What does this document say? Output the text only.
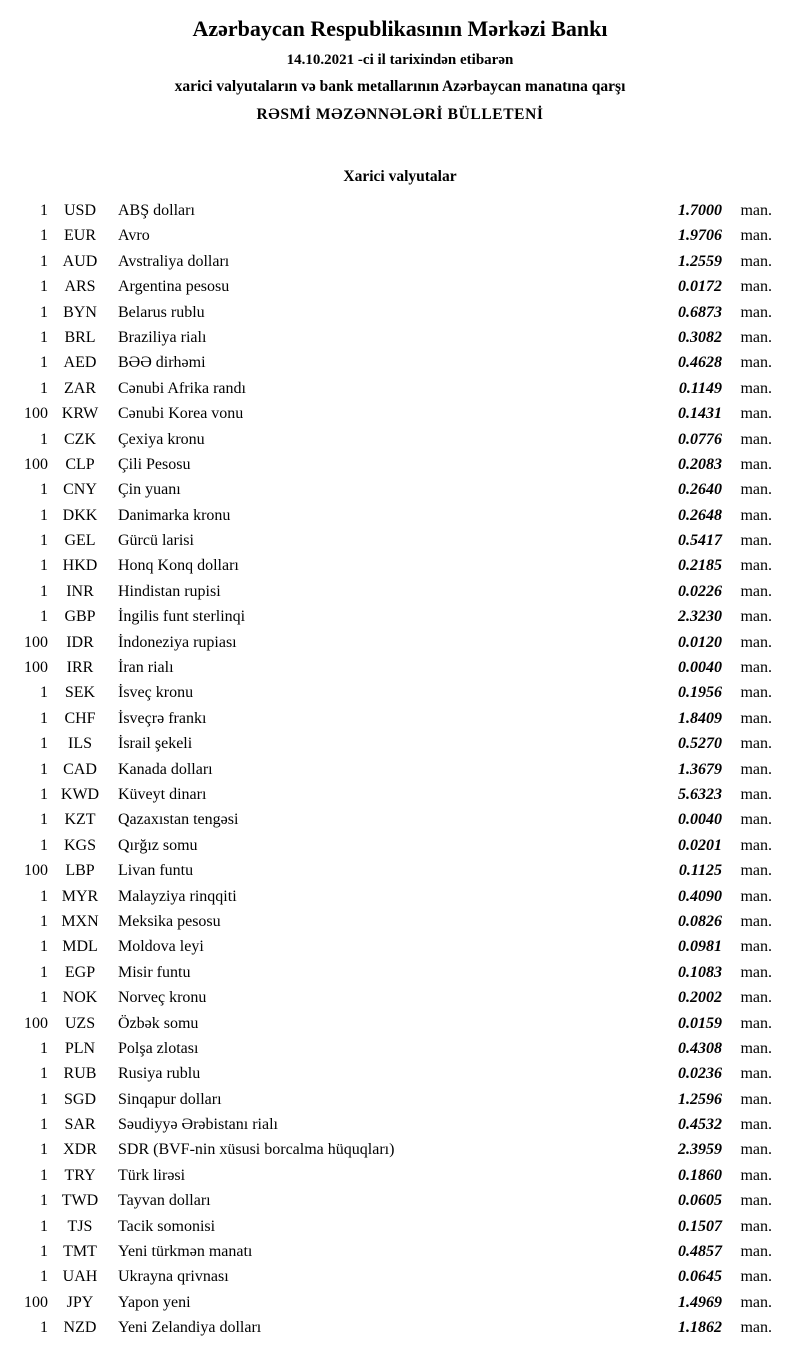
Azərbaycan Respublikasının Mərkəzi Bankı
14.10.2021 -ci il tarixindən etibarən
xarici valyutaların və bank metallarının Azərbaycan manatına qarşı
RƏSMİ MƏZƏNNƏLƏRİ BÜLLETENİ
Xarici valyutalar
1 USD	ABŞ dolları	1.7000	man.
1	EUR	Avro	1.9706	man.
1 AUD	Avstraliya dolları	1.2559	man.
1	ARS	Argentina pesosu	0.0172	man.
1 BYN	Belarus rublu	0.6873	man.
1	BRL	Braziliya rialı	0.3082	man.
1 AED	BƏƏ dirhəmi	0.4628	man.
1	ZAR	Cənubi Afrika randı	0.1149	man.
100 KRW	Cənubi Korea vonu	0.1431	man.
1	CZK	Çexiya kronu	0.0776	man.
100	CLP	Çili Pesosu	0.2083	man.
1 CNY	Çin yuanı	0.2640	man.
1 DKK	Danimarka kronu	0.2648	man.
1	GEL	Gürcü larisi	0.5417	man.
1 HKD	Honq Konq dolları	0.2185	man.
1	INR	Hindistan rupisi	0.0226	man.
1	GBP	İngilis funt sterlinqi	2.3230	man.
100	IDR	İndoneziya rupiası	0.0120	man.
100	IRR	İran rialı	0.0040	man.
1	SEK	İsveç kronu	0.1956	man.
1	CHF	İsveçrə frankı	1.8409	man.
1	ILS	İsrail şekeli	0.5270	man.
1 CAD	Kanada dolları	1.3679	man.
1 KWD	Küveyt dinarı	5.6323	man.
1	KZT	Qazaxıstan tengəsi	0.0040	man.
1 KGS	Qırğız somu	0.0201	man.
100	LBP	Livan funtu	0.1125	man.
1 MYR	Malayziya rinqqiti	0.4090	man.
1 MXN	Meksika pesosu	0.0826	man.
1 MDL	Moldova leyi	0.0981	man.
1	EGP	Misir funtu	0.1083	man.
1 NOK	Norveç kronu	0.2002	man.
100	UZS	Özbək somu	0.0159	man.
1	PLN	Polşa zlotası	0.4308	man.
1 RUB	Rusiya rublu	0.0236	man.
1 SGD	Sinqapur dolları	1.2596	man.
1	SAR	Səudiyyə Ərəbistanı rialı	0.4532	man.
1 XDR	SDR (BVF-nin xüsusi borcalma hüquqları)	2.3959	man.
1	TRY	Türk lirəsi	0.1860	man.
1 TWD	Tayvan dolları	0.0605	man.
1	TJS	Tacik somonisi	0.1507	man.
1 TMT	Yeni türkmən manatı	0.4857	man.
1 UAH	Ukrayna qrivnası	0.0645	man.
100	JPY	Yapon yeni	1.4969	man.
1 NZD	Yeni Zelandiya dolları	1.1862	man.
